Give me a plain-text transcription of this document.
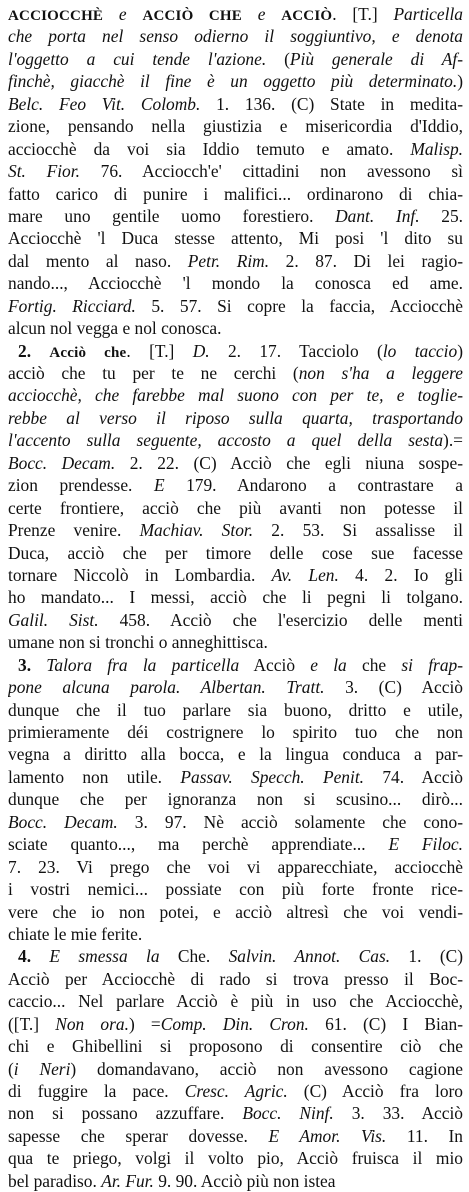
ACCIOCCHÈ e ACCIÒ CHE e ACCIÒ. [T.] Particella
che porta nel senso odierno il soggiuntivo, e denota
l'oggetto a cui tende l'azione. (Più generale di Af-
finchè, giacchè il fine è un oggetto più determinato.)
Belc. Feo Vit. Colomb. 1. 136. (C) State in medita-
zione, pensando nella giustizia e misericordia d'Iddio,
acciocchè da voi sia Iddio temuto e amato. Malisp.
St. Fior. 76. Acciocch'e' cittadini non avessono sì
fatto carico di punire i malifici... ordinarono di chia-
mare uno gentile uomo forestiero. Dant. Inf. 25.
Acciocchè 'l Duca stesse attento, Mi posi 'l dito su
dal mento al naso. Petr. Rim. 2. 87. Di lei ragio-
nando..., Acciocchè 'l mondo la conosca ed ame.
Fortig. Ricciard. 5. 57. Si copre la faccia, Acciocchè
alcun nol vegga e nol conosca.
2. Acciò che. [T.] D. 2. 17. Tacciolo (lo taccio)
acciò che tu per te ne cerchi (non s'ha a leggere
acciocchè, che farebbe mal suono con per te, e toglie-
rebbe al verso il riposo sulla quarta, trasportando
l'accento sulla seguente, accosto a quel della sesta).=
Bocc. Decam. 2. 22. (C) Acciò che egli niuna sospe-
zion prendesse. E 179. Andarono a contrastare a
certe frontiere, acciò che più avanti non potesse il
Prenze venire. Machiav. Stor. 2. 53. Si assalisse il
Duca, acciò che per timore delle cose sue facesse
tornare Niccolò in Lombardia. Av. Len. 4. 2. Io gli
ho mandato... I messi, acciò che li pegni li tolgano.
Galil. Sist. 458. Acciò che l'esercizio delle menti
umane non si tronchi o anneghittisca.
3. Talora fra la particella Acciò e la che si frap-
pone alcuna parola. Albertan. Tratt. 3. (C) Acciò
dunque che il tuo parlare sia buono, dritto e utile,
primieramente déi costrignere lo spirito tuo che non
vegna a diritto alla bocca, e la lingua conduca a par-
lamento non utile. Passav. Specch. Penit. 74. Acciò
dunque che per ignoranza non si scusino... dirò...
Bocc. Decam. 3. 97. Nè acciò solamente che cono-
sciate quanto..., ma perchè apprendiate... E Filoc.
7. 23. Vi prego che voi vi apparecchiate, acciocchè
i vostri nemici... possiate con più forte fronte rice-
vere che io non potei, e acciò altresì che voi vendi-
chiate le mie ferite.
4. E smessa la Che. Salvin. Annot. Cas. 1. (C)
Acciò per Acciocchè di rado si trova presso il Boc-
caccio... Nel parlare Acciò è più in uso che Acciocchè,
([T.] Non ora.) =Comp. Din. Cron. 61. (C) I Bian-
chi e Ghibellini si proposono di consentire ciò che
(i Neri) domandavano, acciò non avessono cagione
di fuggire la pace. Cresc. Agric. (C) Acciò fra loro
non si possano azzuffare. Bocc. Ninf. 3. 33. Acciò
sapesse che sperar dovesse. E Amor. Vis. 11. In
qua te priego, volgi il volto pio, Acciò fruisca il mio
bel paradiso. Ar. Fur. 9. 90. Acciò più non istea
